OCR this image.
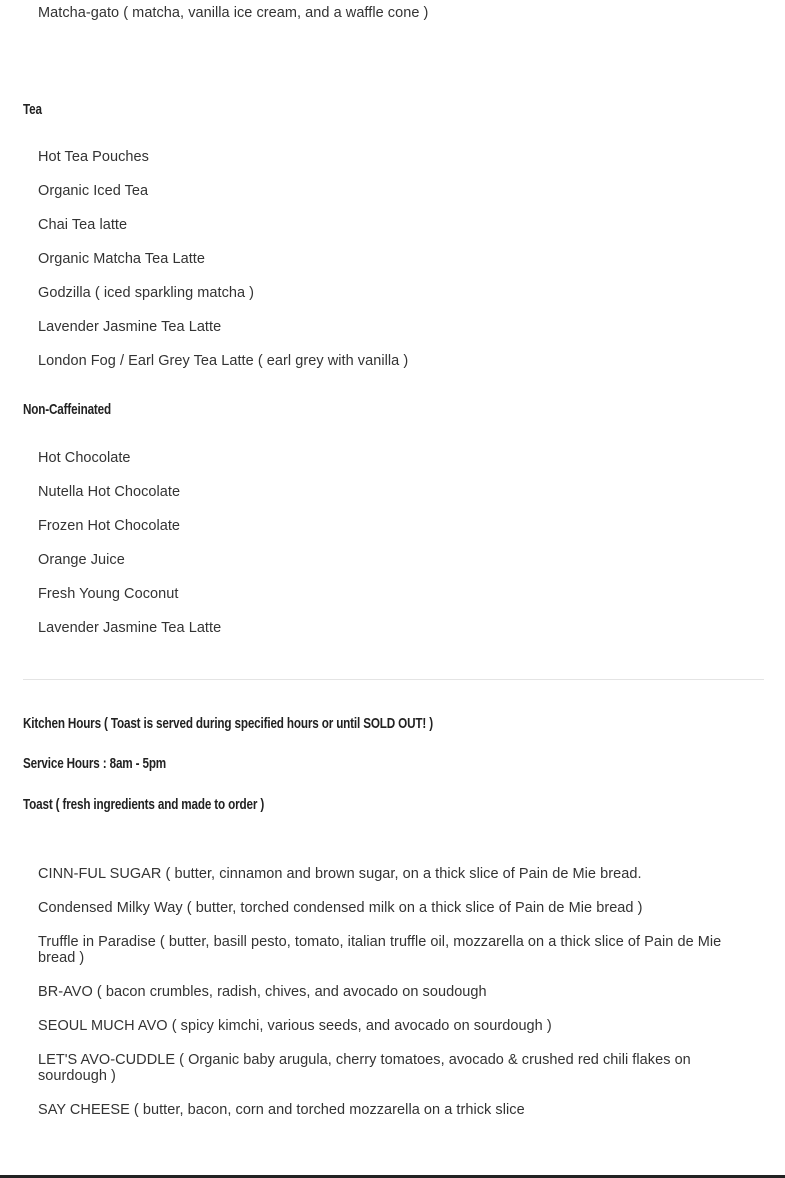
Matcha-gato ( matcha, vanilla ice cream, and a waffle cone )
Tea
Hot Tea Pouches
Organic Iced Tea
Chai Tea latte
Organic Matcha Tea Latte
Godzilla ( iced sparkling matcha )
Lavender Jasmine Tea Latte
London Fog / Earl Grey Tea Latte ( earl grey with vanilla )
Non-Caffeinated
Hot Chocolate
Nutella Hot Chocolate
Frozen Hot Chocolate
Orange Juice
Fresh Young Coconut
Lavender Jasmine Tea Latte
Kitchen Hours ( Toast is served during specified hours or until SOLD OUT! )
Service Hours : 8am - 5pm
Toast ( fresh ingredients and made to order )
CINN-FUL SUGAR ( butter, cinnamon and brown sugar, on a thick slice of Pain de Mie bread.
Condensed Milky Way ( butter, torched condensed milk on a thick slice of Pain de Mie bread )
Truffle in Paradise ( butter, basill pesto, tomato, italian truffle oil, mozzarella on a thick slice of Pain de Mie bread )
BR-AVO ( bacon crumbles, radish, chives, and avocado on soudough
SEOUL MUCH AVO ( spicy kimchi, various seeds, and avocado on sourdough )
LET'S AVO-CUDDLE ( Organic baby arugula, cherry tomatoes, avocado & crushed red chili flakes on sourdough )
SAY CHEESE ( butter, bacon, corn and torched mozzarella on a trhick slice
